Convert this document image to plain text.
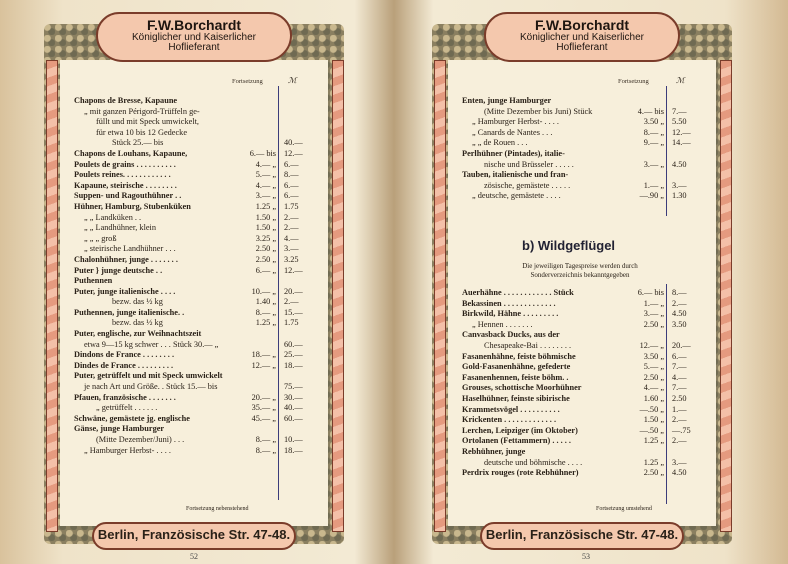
F.W.Borchardt
Königlicher und Kaiserlicher
Hoflieferant
Fortsetzung	ℳ
Chapons de Bresse, Kapaune
„ mit ganzen Périgord-Trüffeln ge-
füllt und mit Speck umwickelt,
für etwa 10 bis 12 Gedecke
Stück 25.— bis	40.—
Chapons de Louhans, Kapaune,	6.— bis 12.—
Poulets de grains . . . . . . . . . .	4.— „ 6.—
Poulets reines. . . . . . . . . . . .	5.— „ 8.—
Kapaune, steirische . . . . . . . .	4.— „ 6.—
Suppen- und Ragouthühner . .	3.— „ 6.—
Hühner, Hamburg, Stubenküken	1.25 „ 1.75
„ „ Landküken . .	1.50 „ 2.—
„ „ Landhühner, klein	1.50 „ 2.—
„ „ „ groß	3.25 „ 4.—
„ steirische Landhühner . . .	2.50 „ 3.—
Chalonhühner, junge . . . . . . .	2.50 „ 3.25
Puter } junge deutsche . .	6.— „ 12.—
Puthennen
Puter, junge italienische . . . .	10.— „ 20.—
bezw. das ½ kg	1.40 „ 2.—
Puthennen, junge italienische. .	8.— „ 15.—
bezw. das ½ kg	1.25 „ 1.75
Puter, englische, zur Weihnachtszeit
etwa 9—15 kg schwer . . . Stück 30.— „	60.—
Dindons de France . . . . . . . .	18.— „ 25.—
Dindes de France . . . . . . . . .	12.— „ 18.—
Puter, getrüffelt und mit Speck umwickelt
je nach Art und Größe. . Stück 15.— bis	75.—
Pfauen, französische . . . . . . .	20.— „ 30.—
„ getrüffelt . . . . . .	35.— „ 40.—
Schwäne, gemästete jg. englische	45.— „ 60.—
Gänse, junge Hamburger
(Mitte Dezember/Juni) . . .	8.— „ 10.—
„ Hamburger Herbst- . . . .	8.— „ 18.—
Fortsetzung nebenstehend
Berlin, Französische Str. 47-48.
52
F.W.Borchardt
Königlicher und Kaiserlicher
Hoflieferant
Fortsetzung	ℳ
Enten, junge Hamburger
(Mitte Dezember bis Juni) Stück	4.— bis 7.—
„ Hamburger Herbst- . . . .	3.50 „ 5.50
„ Canards de Nantes . . .	8.— „ 12.—
„ „ de Rouen . . .	9.— „ 14.—
Perlhühner (Pintades), italie-
nische und Brüsseler . . . . .	3.— „ 4.50
Tauben, italienische und fran-
zösische, gemästete . . . . .	1.— „ 3.—
„ deutsche, gemästete . . . .	—.90 „ 1.30
b) Wildgeflügel
Die jeweiligen Tagespreise werden durch
Sonderverzeichnis bekanntgegeben
Auerhähne . . . . . . . . . . . . Stück	6.— bis 8.—
Bekassinen . . . . . . . . . . . . .	1.— „ 2.—
Birkwild, Hähne . . . . . . . . .	3.— „ 4.50
„ Hennen . . . . . . .	2.50 „ 3.50
Canvasback Ducks, aus der
Chesapeake-Bai . . . . . . . .	12.— „ 20.—
Fasanenhähne, feiste böhmische	3.50 „ 6.—
Gold-Fasanenhähne, gefederte	5.— „ 7.—
Fasanenhennen, feiste böhm. .	2.50 „ 4.—
Grouses, schottische Moorhühner	4.— „ 7.—
Haselhühner, feinste sibirische	1.60 „ 2.50
Krammetsvögel . . . . . . . . . .	—.50 „ 1.—
Krickenten . . . . . . . . . . . . .	1.50 „ 2.—
Lerchen, Leipziger (im Oktober)	—.50 „ —.75
Ortolanen (Fettammern) . . . . .	1.25 „ 2.—
Rebhühner, junge
deutsche und böhmische . . . .	1.25 „ 3.—
Perdrix rouges (rote Rebhühner)	2.50 „ 4.50
Fortsetzung umstehend
Berlin, Französische Str. 47-48.
53
